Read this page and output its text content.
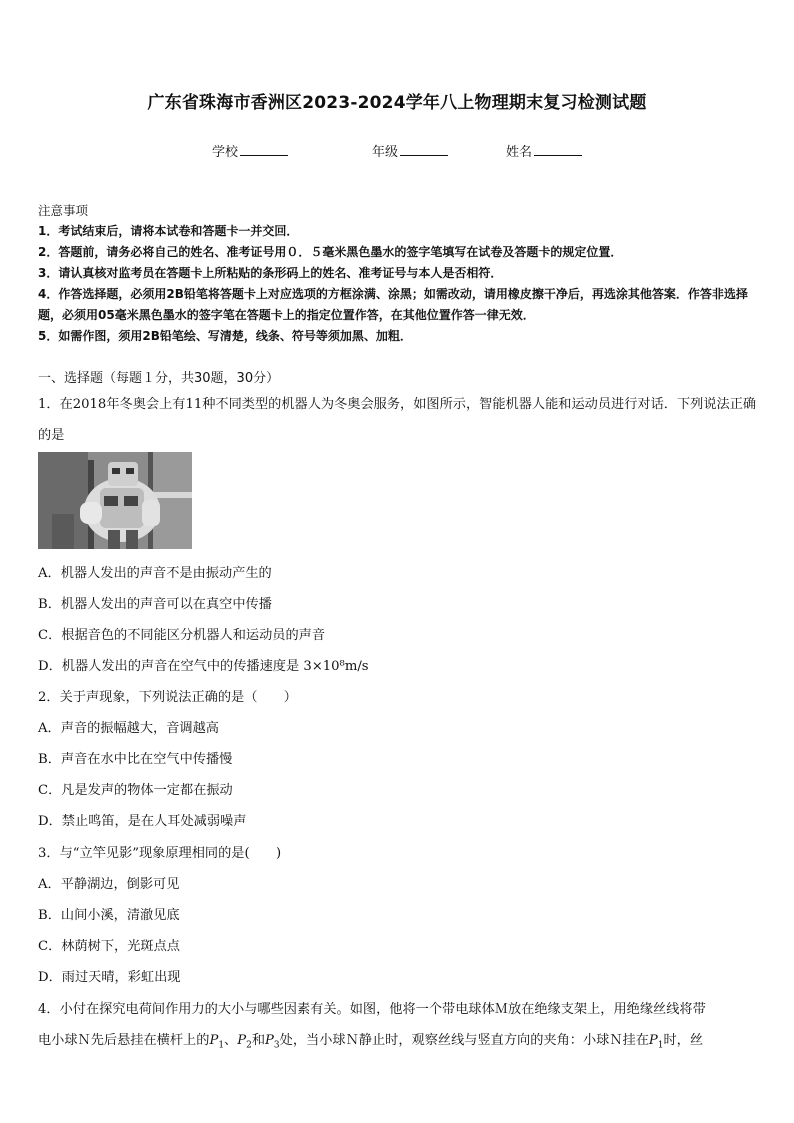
广东省珠海市香洲区2023-2024学年八上物理期末复习检测试题
学校	年级	姓名
注意事项
1．考试结束后，请将本试卷和答题卡一并交回．
2．答题前，请务必将自己的姓名、准考证号用０．５毫米黑色墨水的签字笔填写在试卷及答题卡的规定位置．
3．请认真核对监考员在答题卡上所粘贴的条形码上的姓名、准考证号与本人是否相符．
4．作答选择题，必须用2B铅笔将答题卡上对应选项的方框涂满、涂黑；如需改动，请用橡皮擦干净后，再选涂其他答案．作答非选择题，必须用05毫米黑色墨水的签字笔在答题卡上的指定位置作答，在其他位置作答一律无效．
5．如需作图，须用2B铅笔绘、写清楚，线条、符号等须加黑、加粗．
一、选择题（每题１分，共30题，30分）
1．在2018年冬奥会上有11种不同类型的机器人为冬奥会服务，如图所示，智能机器人能和运动员进行对话．下列说法正确的是
A．机器人发出的声音不是由振动产生的
B．机器人发出的声音可以在真空中传播
C．根据音色的不同能区分机器人和运动员的声音
D．机器人发出的声音在空气中的传播速度是 3×10⁸m/s
2．关于声现象，下列说法正确的是（　　）
A．声音的振幅越大，音调越高
B．声音在水中比在空气中传播慢
C．凡是发声的物体一定都在振动
D．禁止鸣笛，是在人耳处减弱噪声
3．与“立竿见影”现象原理相同的是(　　)
A．平静湖边，倒影可见
B．山间小溪，清澈见底
C．林荫树下，光斑点点
D．雨过天晴，彩虹出现
4．小付在探究电荷间作用力的大小与哪些因素有关。如图，他将一个带电球体Ｍ放在绝缘支架上，用绝缘丝线将带
电小球Ｎ先后悬挂在横杆上的$P_1$、$P_2$和$P_3$处，当小球Ｎ静止时，观察丝线与竖直方向的夹角：小球Ｎ挂在$P_1$时，丝
